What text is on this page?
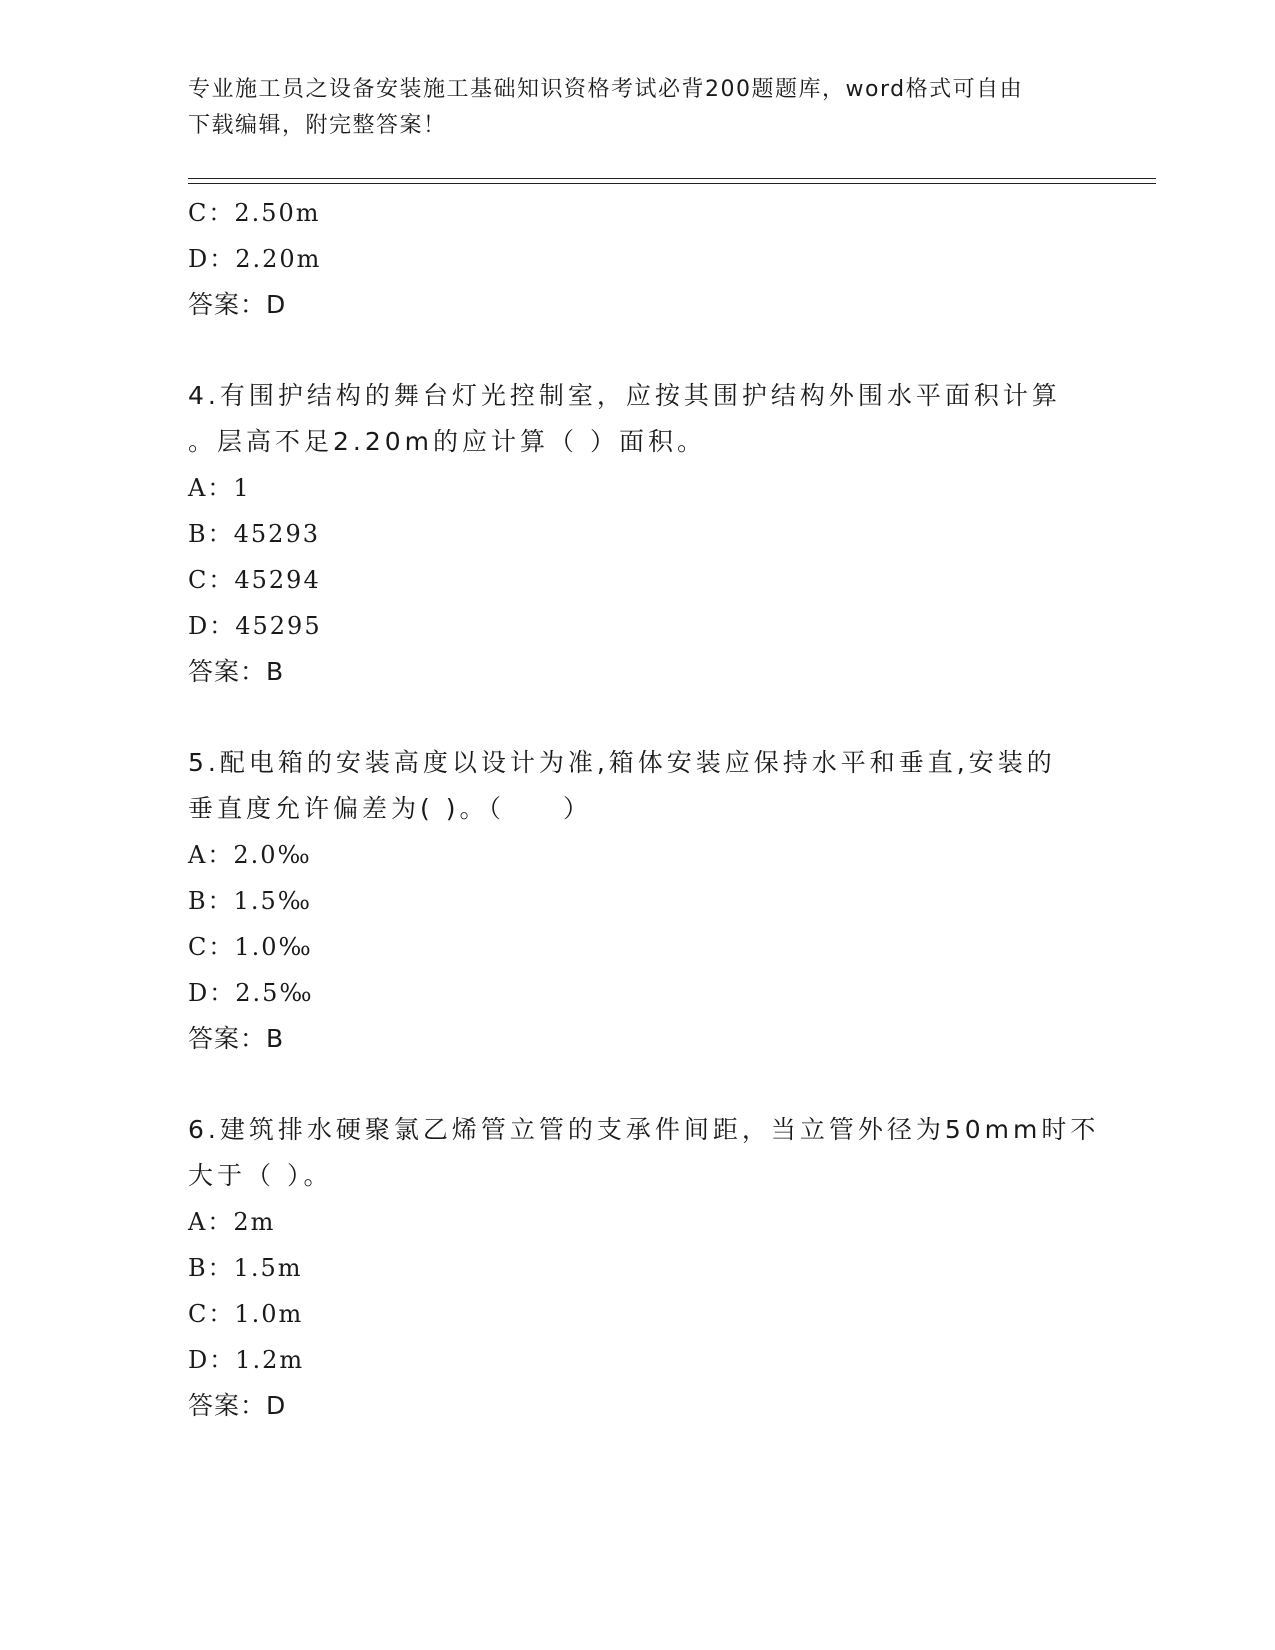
专业施工员之设备安装施工基础知识资格考试必背200题题库，word格式可自由
下载编辑，附完整答案！
C：2.50m
D：2.20m
答案：D
4.有围护结构的舞台灯光控制室，应按其围护结构外围水平面积计算
。层高不足2.20m的应计算（ ）面积。
A：1
B：45293
C：45294
D：45295
答案：B
5.配电箱的安装高度以设计为准,箱体安装应保持水平和垂直,安装的
垂直度允许偏差为( )。（　　）
A：2.0‰
B：1.5‰
C：1.0‰
D：2.5‰
答案：B
6.建筑排水硬聚氯乙烯管立管的支承件间距，当立管外径为50mm时不
大于（ ）。
A：2m
B：1.5m
C：1.0m
D：1.2m
答案：D
